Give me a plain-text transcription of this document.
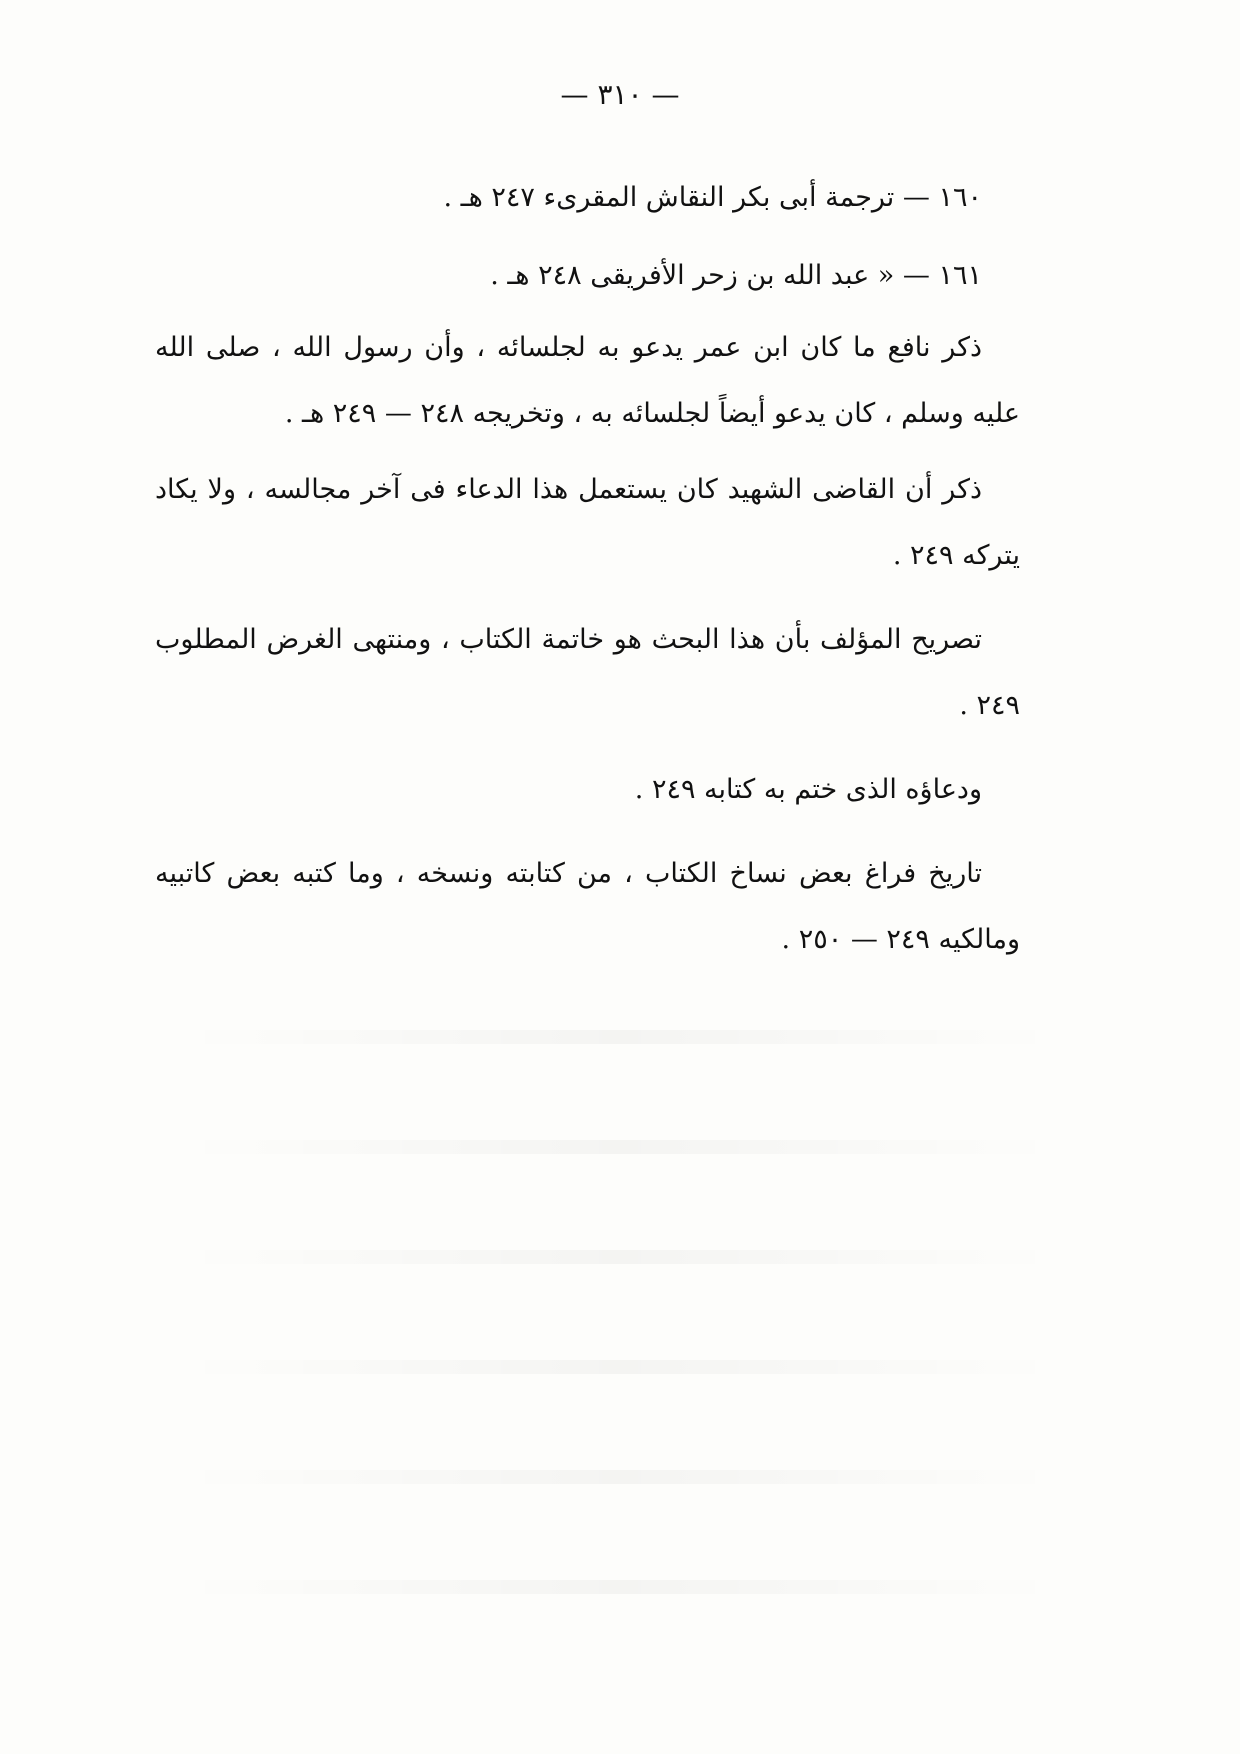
— ٣١٠ —

١٦٠ — ترجمة أبى بكر النقاش المقرىء ٢٤٧ هـ .

١٦١ — « عبد الله بن زحر الأفريقى ٢٤٨ هـ .

ذكر نافع ما كان ابن عمر يدعو به لجلسائه ، وأن رسول الله ، صلى الله عليه وسلم ، كان يدعو أيضاً لجلسائه به ، وتخريجه ٢٤٨ — ٢٤٩ هـ .

ذكر أن القاضى الشهيد كان يستعمل هذا الدعاء فى آخر مجالسه ، ولا يكاد يتركه ٢٤٩ .

تصريح المؤلف بأن هذا البحث هو خاتمة الكتاب ، ومنتهى الغرض المطلوب ٢٤٩ .

ودعاؤه الذى ختم به كتابه ٢٤٩ .

تاريخ فراغ بعض نساخ الكتاب ، من كتابته ونسخه ، وما كتبه بعض كاتبيه ومالكيه ٢٤٩ — ٢٥٠ .
